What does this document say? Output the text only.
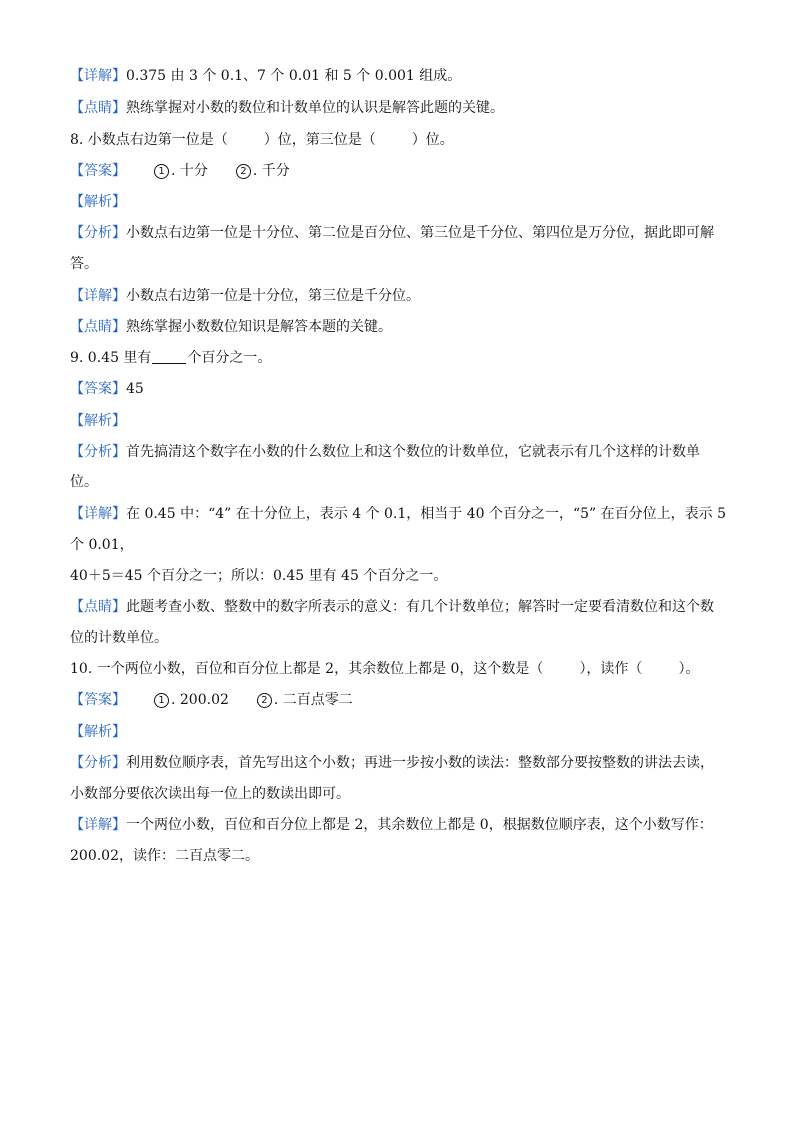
【详解】0.375 由 3 个 0.1、7 个 0.01 和 5 个 0.001 组成。
【点睛】熟练掌握对小数的数位和计数单位的认识是解答此题的关键。
8. 小数点右边第一位是（	）位，第三位是（	）位。
【答案】	1 . 十分	2 . 千分
【解析】
【分析】小数点右边第一位是十分位、第二位是百分位、第三位是千分位、第四位是万分位，据此即可解
答。
【详解】小数点右边第一位是十分位，第三位是千分位。
【点睛】熟练掌握小数数位知识是解答本题的关键。
9. 0.45 里有	个百分之一。
【答案】45
【解析】
【分析】首先搞清这个数字在小数的什么数位上和这个数位的计数单位，它就表示有几个这样的计数单
位。
【详解】在 0.45 中：“4” 在十分位上，表示 4 个 0.1，相当于 40 个百分之一，“5” 在百分位上，表示 5
个 0.01，
40＋5＝45 个百分之一；所以：0.45 里有 45 个百分之一。
【点睛】此题考查小数、整数中的数字所表示的意义：有几个计数单位；解答时一定要看清数位和这个数
位的计数单位。
10. 一个两位小数，百位和百分位上都是 2，其余数位上都是 0，这个数是（	），读作（	）。
【答案】	1 . 200.02	2 . 二百点零二
【解析】
【分析】利用数位顺序表，首先写出这个小数；再进一步按小数的读法：整数部分要按整数的讲法去读，
小数部分要依次读出每一位上的数读出即可。
【详解】一个两位小数，百位和百分位上都是 2，其余数位上都是 0，根据数位顺序表，这个小数写作：
200.02，读作：二百点零二。
